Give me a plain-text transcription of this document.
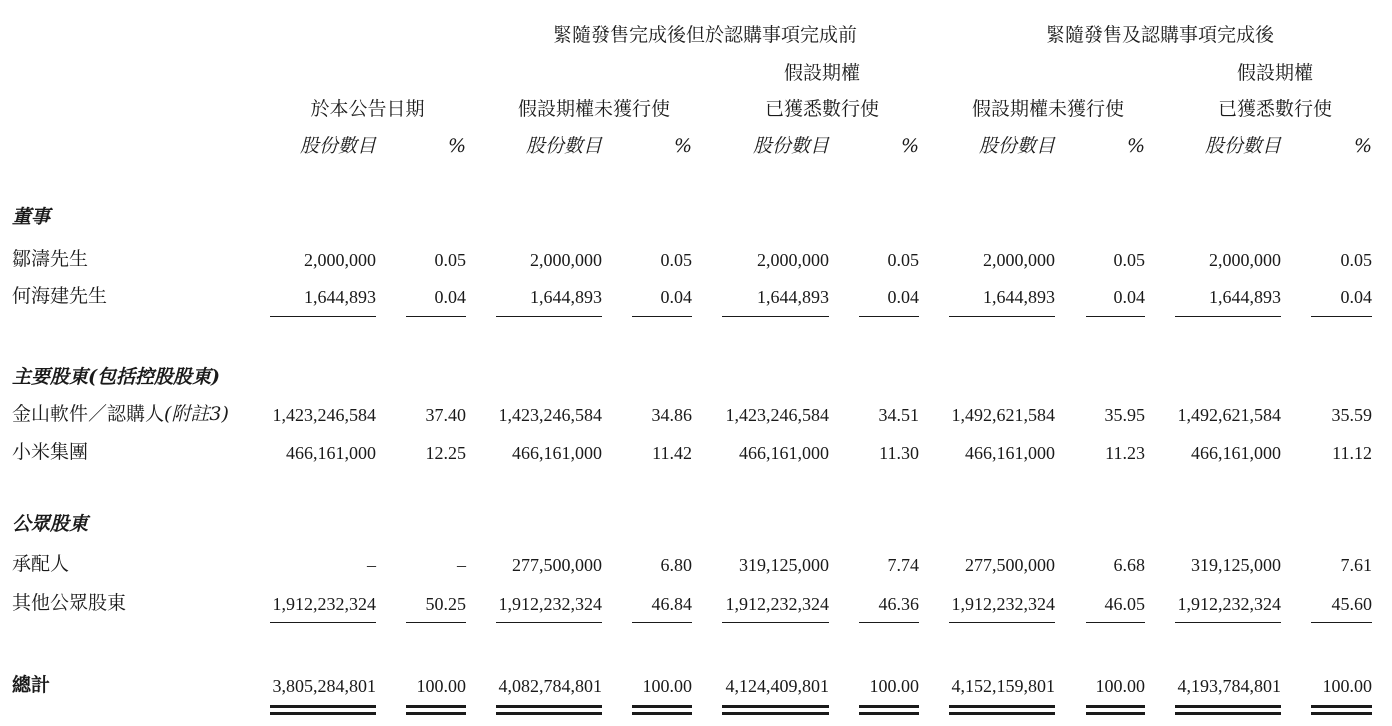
緊隨發售完成後但於認購事項完成前	緊隨發售及認購事項完成後
假設期權	假設期權
於本公告日期	假設期權未獲行使	已獲悉數行使	假設期權未獲行使	已獲悉數行使
股份數目	%	股份數目	%	股份數目	%	股份數目	%	股份數目	%
董事
鄒濤先生	2,000,000	0.05	2,000,000	0.05	2,000,000	0.05	2,000,000	0.05	2,000,000	0.05
何海建先生	1,644,893	0.04	1,644,893	0.04	1,644,893	0.04	1,644,893	0.04	1,644,893	0.04
主要股東(包括控股股東)
金山軟件／認購人(附註3)	1,423,246,584	37.40	1,423,246,584	34.86	1,423,246,584	34.51	1,492,621,584	35.95	1,492,621,584	35.59
小米集團	466,161,000	12.25	466,161,000	11.42	466,161,000	11.30	466,161,000	11.23	466,161,000	11.12
公眾股東
承配人	–	–	277,500,000	6.80	319,125,000	7.74	277,500,000	6.68	319,125,000	7.61
其他公眾股東	1,912,232,324	50.25	1,912,232,324	46.84	1,912,232,324	46.36	1,912,232,324	46.05	1,912,232,324	45.60
總計	3,805,284,801	100.00	4,082,784,801	100.00	4,124,409,801	100.00	4,152,159,801	100.00	4,193,784,801	100.00
